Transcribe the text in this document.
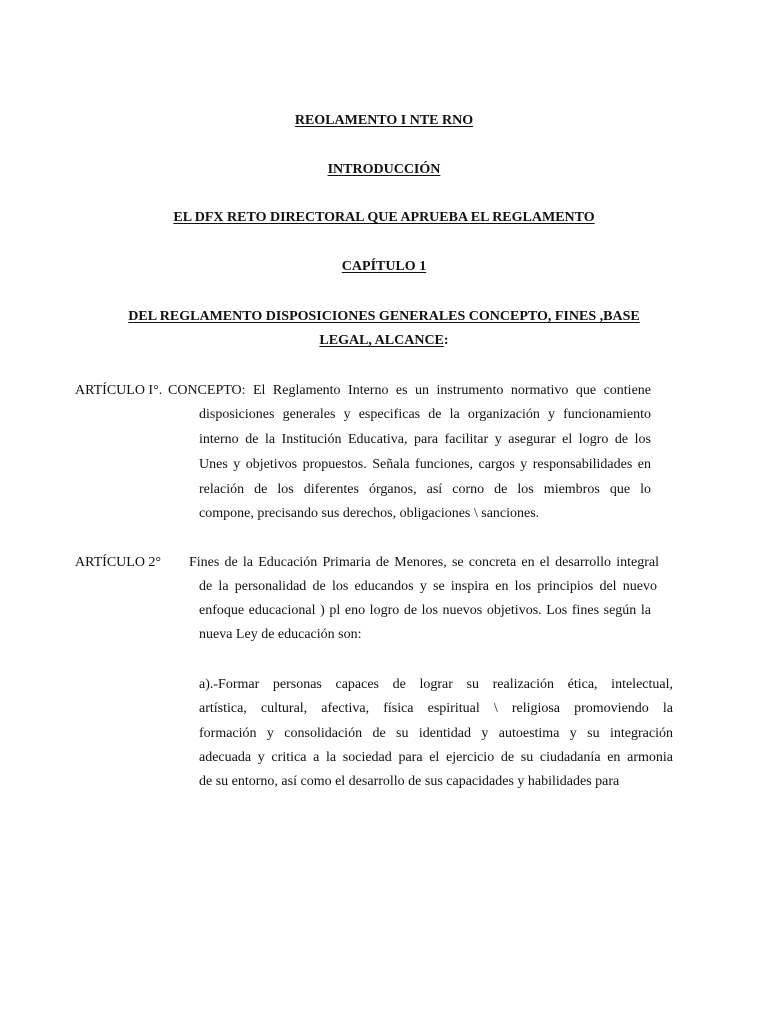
REOLAMENTO I NTE RNO
INTRODUCCIÓN
EL DFX RETO DIRECTORAL QUE APRUEBA EL REGLAMENTO
CAPÍTULO 1
DEL REGLAMENTO DISPOSICIONES GENERALES CONCEPTO, FINES ,BASE
LEGAL, ALCANCE:
ARTÍCULO I°. CONCEPTO: El Reglamento Interno es un instrumento normativo que contiene
disposiciones generales y especificas de la organización y funcionamiento
interno de la Institución Educativa, para facilitar y asegurar el logro de los
Unes y objetivos propuestos. Señala funciones, cargos y responsabilidades en
relación de los diferentes órganos, así corno de los miembros que lo
compone, precisando sus derechos, obligaciones \ sanciones.
ARTÍCULO 2° Fines de la Educación Primaria de Menores, se concreta en el desarrollo integral
de la personalidad de los educandos y se inspira en los principios del nuevo
enfoque educacional ) pl eno logro de los nuevos objetivos. Los fines según la
nueva Ley de educación son:
a).-Formar personas capaces de lograr su realización ética, intelectual,
artística, cultural, afectiva, física espiritual \ religiosa promoviendo la
formación y consolidación de su identidad y autoestima y su integración
adecuada y critica a la sociedad para el ejercicio de su ciudadanía en armonia
de su entorno, así como el desarrollo de sus capacidades y habilidades para
